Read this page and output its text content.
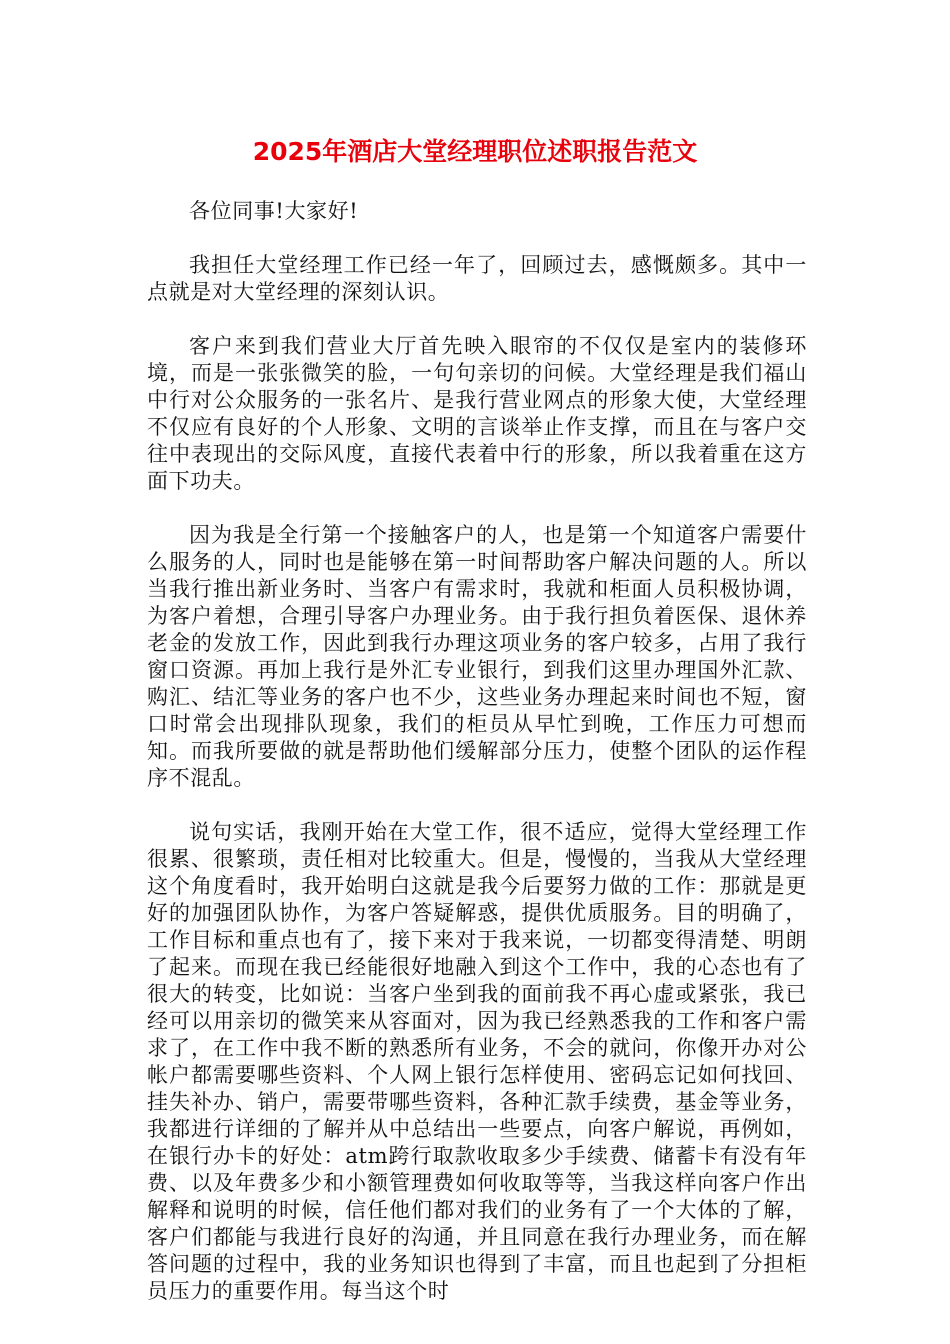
2025年酒店大堂经理职位述职报告范文

各位同事!大家好!

我担任大堂经理工作已经一年了，回顾过去，感慨颇多。其中一点就是对大堂经理的深刻认识。

客户来到我们营业大厅首先映入眼帘的不仅仅是室内的装修环境，而是一张张微笑的脸，一句句亲切的问候。大堂经理是我们福山中行对公众服务的一张名片、是我行营业网点的形象大使，大堂经理不仅应有良好的个人形象、文明的言谈举止作支撑，而且在与客户交往中表现出的交际风度，直接代表着中行的形象，所以我着重在这方面下功夫。

因为我是全行第一个接触客户的人，也是第一个知道客户需要什么服务的人，同时也是能够在第一时间帮助客户解决问题的人。所以当我行推出新业务时、当客户有需求时，我就和柜面人员积极协调，为客户着想，合理引导客户办理业务。由于我行担负着医保、退休养老金的发放工作，因此到我行办理这项业务的客户较多，占用了我行窗口资源。再加上我行是外汇专业银行，到我们这里办理国外汇款、购汇、结汇等业务的客户也不少，这些业务办理起来时间也不短，窗口时常会出现排队现象，我们的柜员从早忙到晚，工作压力可想而知。而我所要做的就是帮助他们缓解部分压力，使整个团队的运作程序不混乱。

说句实话，我刚开始在大堂工作，很不适应，觉得大堂经理工作很累、很繁琐，责任相对比较重大。但是，慢慢的，当我从大堂经理这个角度看时，我开始明白这就是我今后要努力做的工作：那就是更好的加强团队协作，为客户答疑解惑，提供优质服务。目的明确了，工作目标和重点也有了，接下来对于我来说，一切都变得清楚、明朗了起来。而现在我已经能很好地融入到这个工作中，我的心态也有了很大的转变，比如说：当客户坐到我的面前我不再心虚或紧张，我已经可以用亲切的微笑来从容面对，因为我已经熟悉我的工作和客户需求了，在工作中我不断的熟悉所有业务，不会的就问，你像开办对公帐户都需要哪些资料、个人网上银行怎样使用、密码忘记如何找回、挂失补办、销户，需要带哪些资料，各种汇款手续费，基金等业务，我都进行详细的了解并从中总结出一些要点，向客户解说，再例如，在银行办卡的好处：atm跨行取款收取多少手续费、储蓄卡有没有年费、以及年费多少和小额管理费如何收取等等，当我这样向客户作出解释和说明的时候，信任他们都对我们的业务有了一个大体的了解，客户们都能与我进行良好的沟通，并且同意在我行办理业务，而在解答问题的过程中，我的业务知识也得到了丰富，而且也起到了分担柜员压力的重要作用。每当这个时
